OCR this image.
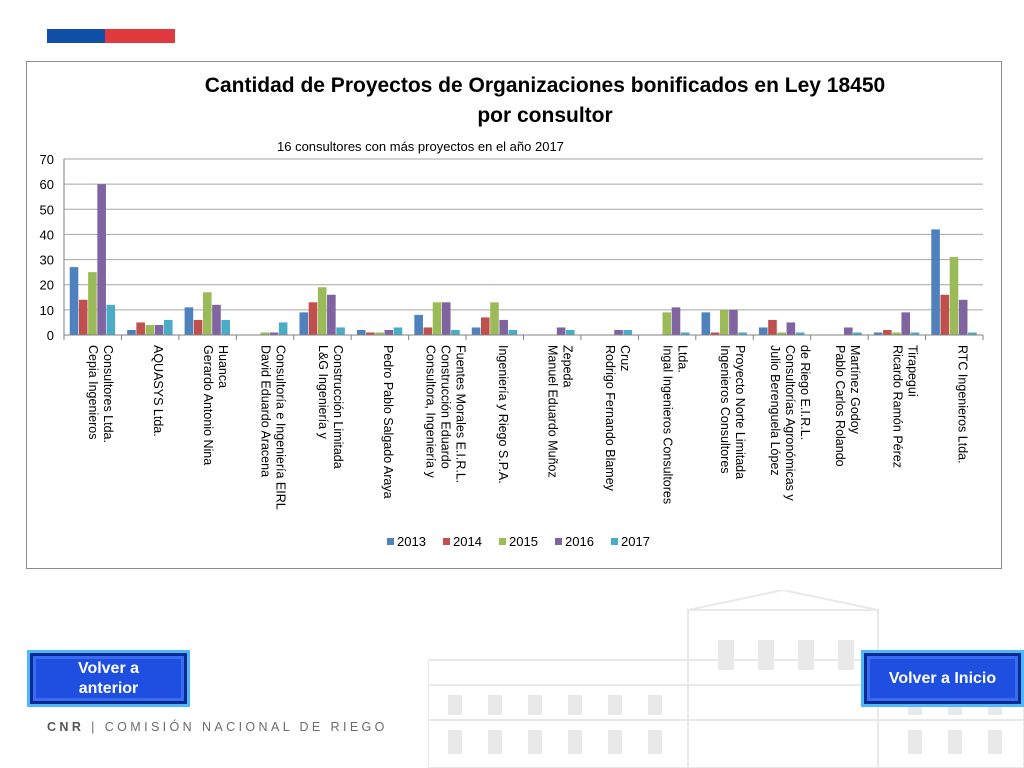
Cantidad de Proyectos de Organizaciones bonificados en Ley 18450
por consultor
16 consultores con más proyectos en el año 2017
0
10
20
30
40
50
60
70
Cepia Ingenieros Consultores Ltda.	AQUASYS Ltda.	Gerardo Antonio Nina Huanca David Eduardo Aracena Consultoría e Ingeniería EIRL L&G Ingeniería y Construcción Limitada	Pedro Pablo Salgado Araya Consultora, Ingeniería y Construcción Eduardo Fuentes Morales E.I.R.L. Ingeniería y Riego S.P.A.	Manuel Eduardo Muñoz Zepeda Rodrigo Fernando Blamey Cruz Ingal Ingenieros Consultores Ltda. Ingenieros Consultores Proyecto Norte Limitada Julio Berenguela López Consultorías Agronómicas y de Riego E.I.R.L. Pablo Carlos Rolando Martínez Godoy Ricardo Ramón Pérez Tirapegui	RTC Ingenieros Ltda.
2013 2014 2015 2016 2017
Volver a anterior
Volver a Inicio
CNR | COMISIÓN NACIONAL DE RIEGO
